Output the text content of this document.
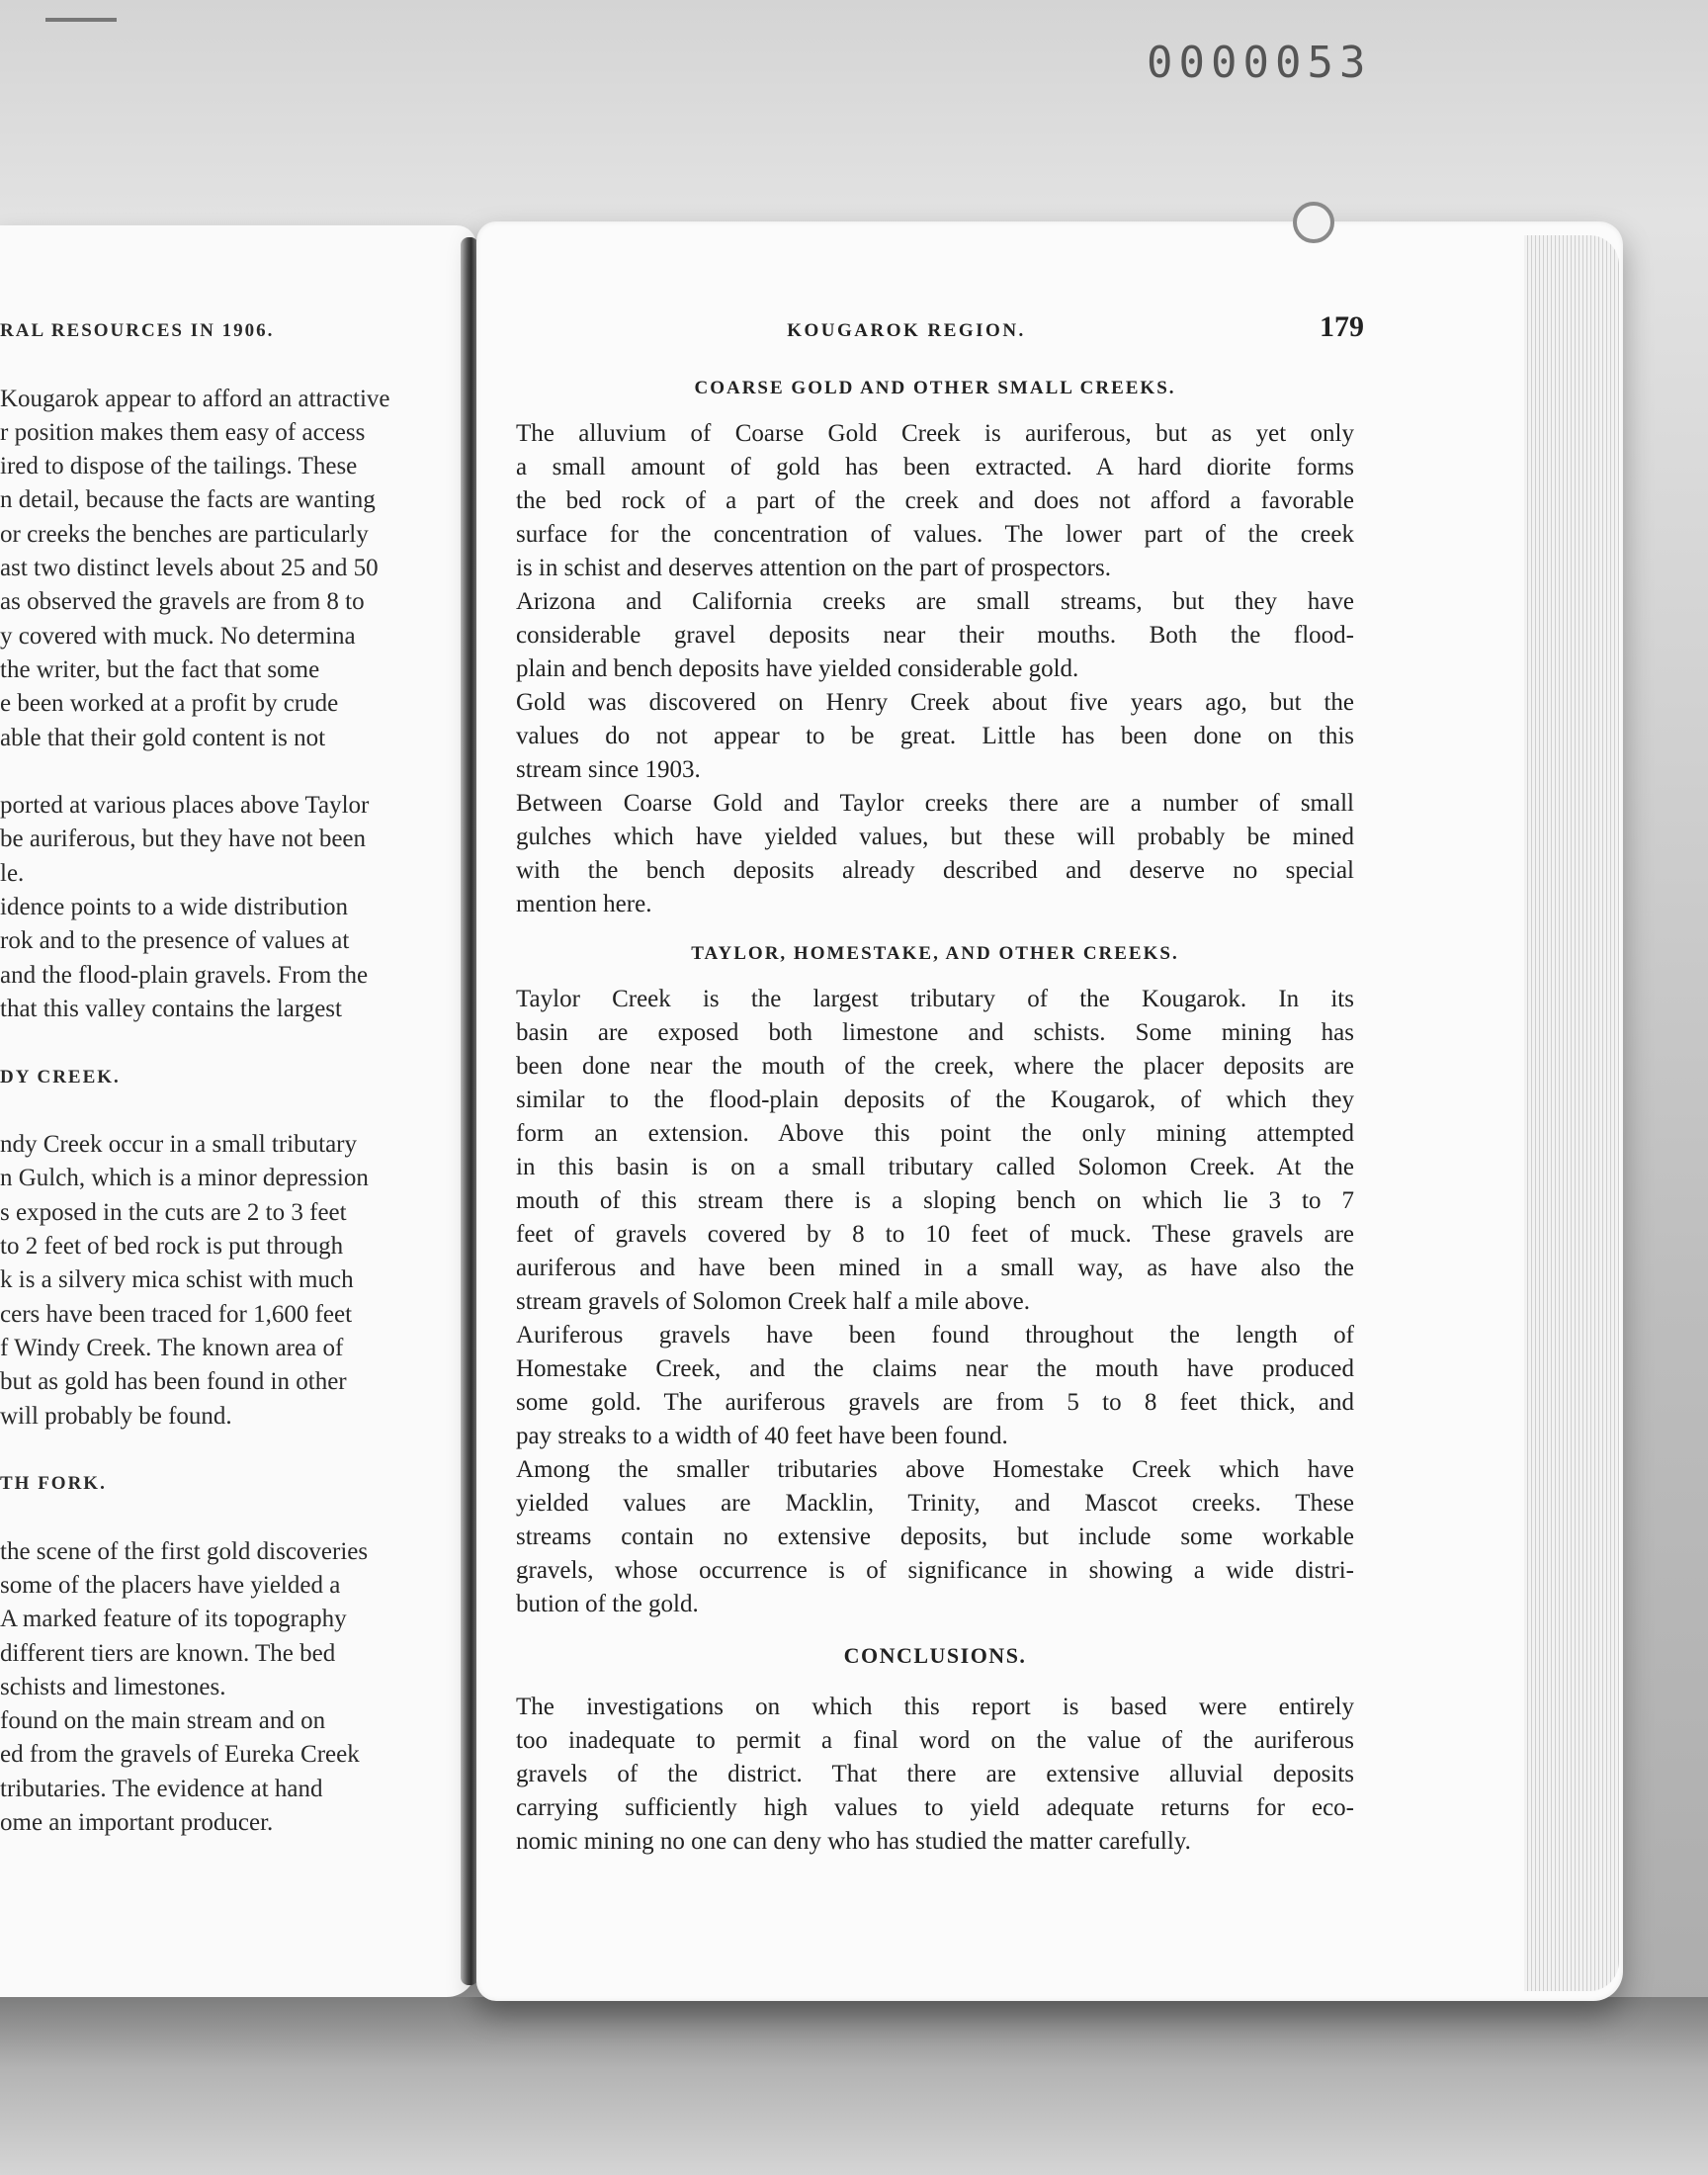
0000053
RAL RESOURCES IN 1906.
Kougarok appear to afford an attractive
r position makes them easy of access
ired to dispose of the tailings. These
n detail, because the facts are wanting
or creeks the benches are particularly
ast two distinct levels about 25 and 50
as observed the gravels are from 8 to
y covered with muck. No determina
the writer, but the fact that some
e been worked at a profit by crude
able that their gold content is not
ported at various places above Taylor
be auriferous, but they have not been
le.
idence points to a wide distribution
rok and to the presence of values at
and the flood-plain gravels. From the
that this valley contains the largest
DY CREEK.
ndy Creek occur in a small tributary
n Gulch, which is a minor depression
s exposed in the cuts are 2 to 3 feet
to 2 feet of bed rock is put through
k is a silvery mica schist with much
cers have been traced for 1,600 feet
f Windy Creek. The known area of
but as gold has been found in other
will probably be found.
TH FORK.
the scene of the first gold discoveries
some of the placers have yielded a
A marked feature of its topography
different tiers are known. The bed
schists and limestones.
found on the main stream and on
ed from the gravels of Eureka Creek
tributaries. The evidence at hand
ome an important producer.
KOUGAROK REGION.	179
COARSE GOLD AND OTHER SMALL CREEKS.
The alluvium of Coarse Gold Creek is auriferous, but as yet only
a small amount of gold has been extracted. A hard diorite forms
the bed rock of a part of the creek and does not afford a favorable
surface for the concentration of values. The lower part of the creek
is in schist and deserves attention on the part of prospectors.
Arizona and California creeks are small streams, but they have
considerable gravel deposits near their mouths. Both the flood-
plain and bench deposits have yielded considerable gold.
Gold was discovered on Henry Creek about five years ago, but the
values do not appear to be great. Little has been done on this
stream since 1903.
Between Coarse Gold and Taylor creeks there are a number of small
gulches which have yielded values, but these will probably be mined
with the bench deposits already described and deserve no special
mention here.
TAYLOR, HOMESTAKE, AND OTHER CREEKS.
Taylor Creek is the largest tributary of the Kougarok. In its
basin are exposed both limestone and schists. Some mining has
been done near the mouth of the creek, where the placer deposits are
similar to the flood-plain deposits of the Kougarok, of which they
form an extension. Above this point the only mining attempted
in this basin is on a small tributary called Solomon Creek. At the
mouth of this stream there is a sloping bench on which lie 3 to 7
feet of gravels covered by 8 to 10 feet of muck. These gravels are
auriferous and have been mined in a small way, as have also the
stream gravels of Solomon Creek half a mile above.
Auriferous gravels have been found throughout the length of
Homestake Creek, and the claims near the mouth have produced
some gold. The auriferous gravels are from 5 to 8 feet thick, and
pay streaks to a width of 40 feet have been found.
Among the smaller tributaries above Homestake Creek which have
yielded values are Macklin, Trinity, and Mascot creeks. These
streams contain no extensive deposits, but include some workable
gravels, whose occurrence is of significance in showing a wide distri-
bution of the gold.
CONCLUSIONS.
The investigations on which this report is based were entirely
too inadequate to permit a final word on the value of the auriferous
gravels of the district. That there are extensive alluvial deposits
carrying sufficiently high values to yield adequate returns for eco-
nomic mining no one can deny who has studied the matter carefully.
